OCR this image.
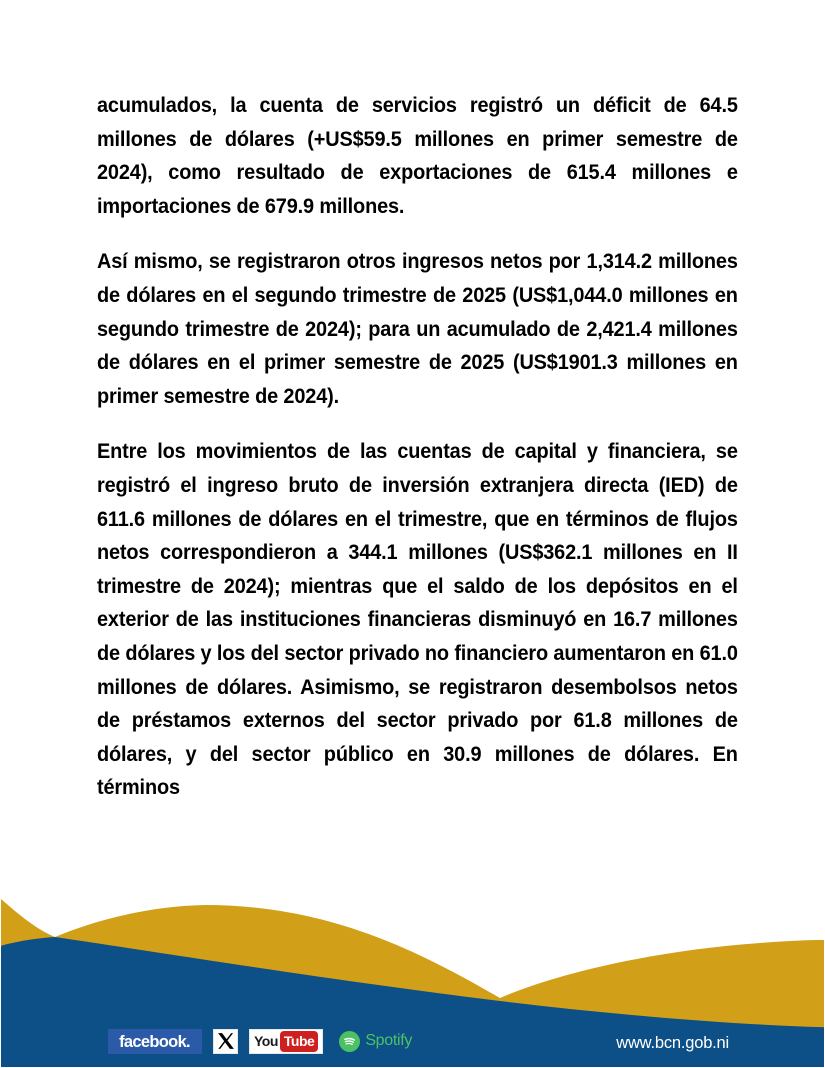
acumulados, la cuenta de servicios registró un déficit de 64.5 millones de dólares (+US$59.5 millones en primer semestre de 2024), como resultado de exportaciones de 615.4 millones e importaciones de 679.9 millones.

Así mismo, se registraron otros ingresos netos por 1,314.2 millones de dólares en el segundo trimestre de 2025 (US$1,044.0 millones en segundo trimestre de 2024); para un acumulado de 2,421.4 millones de dólares en el primer semestre de 2025 (US$1901.3 millones en primer semestre de 2024).

Entre los movimientos de las cuentas de capital y financiera, se registró el ingreso bruto de inversión extranjera directa (IED) de 611.6 millones de dólares en el trimestre, que en términos de flujos netos correspondieron a 344.1 millones (US$362.1 millones en II trimestre de 2024); mientras que el saldo de los depósitos en el exterior de las instituciones financieras disminuyó en 16.7 millones de dólares y los del sector privado no financiero aumentaron en 61.0 millones de dólares. Asimismo, se registraron desembolsos netos de préstamos externos del sector privado por 61.8 millones de dólares, y del sector público en 30.9 millones de dólares. En términos

facebook.	You Tube	Spotify	www.bcn.gob.ni
